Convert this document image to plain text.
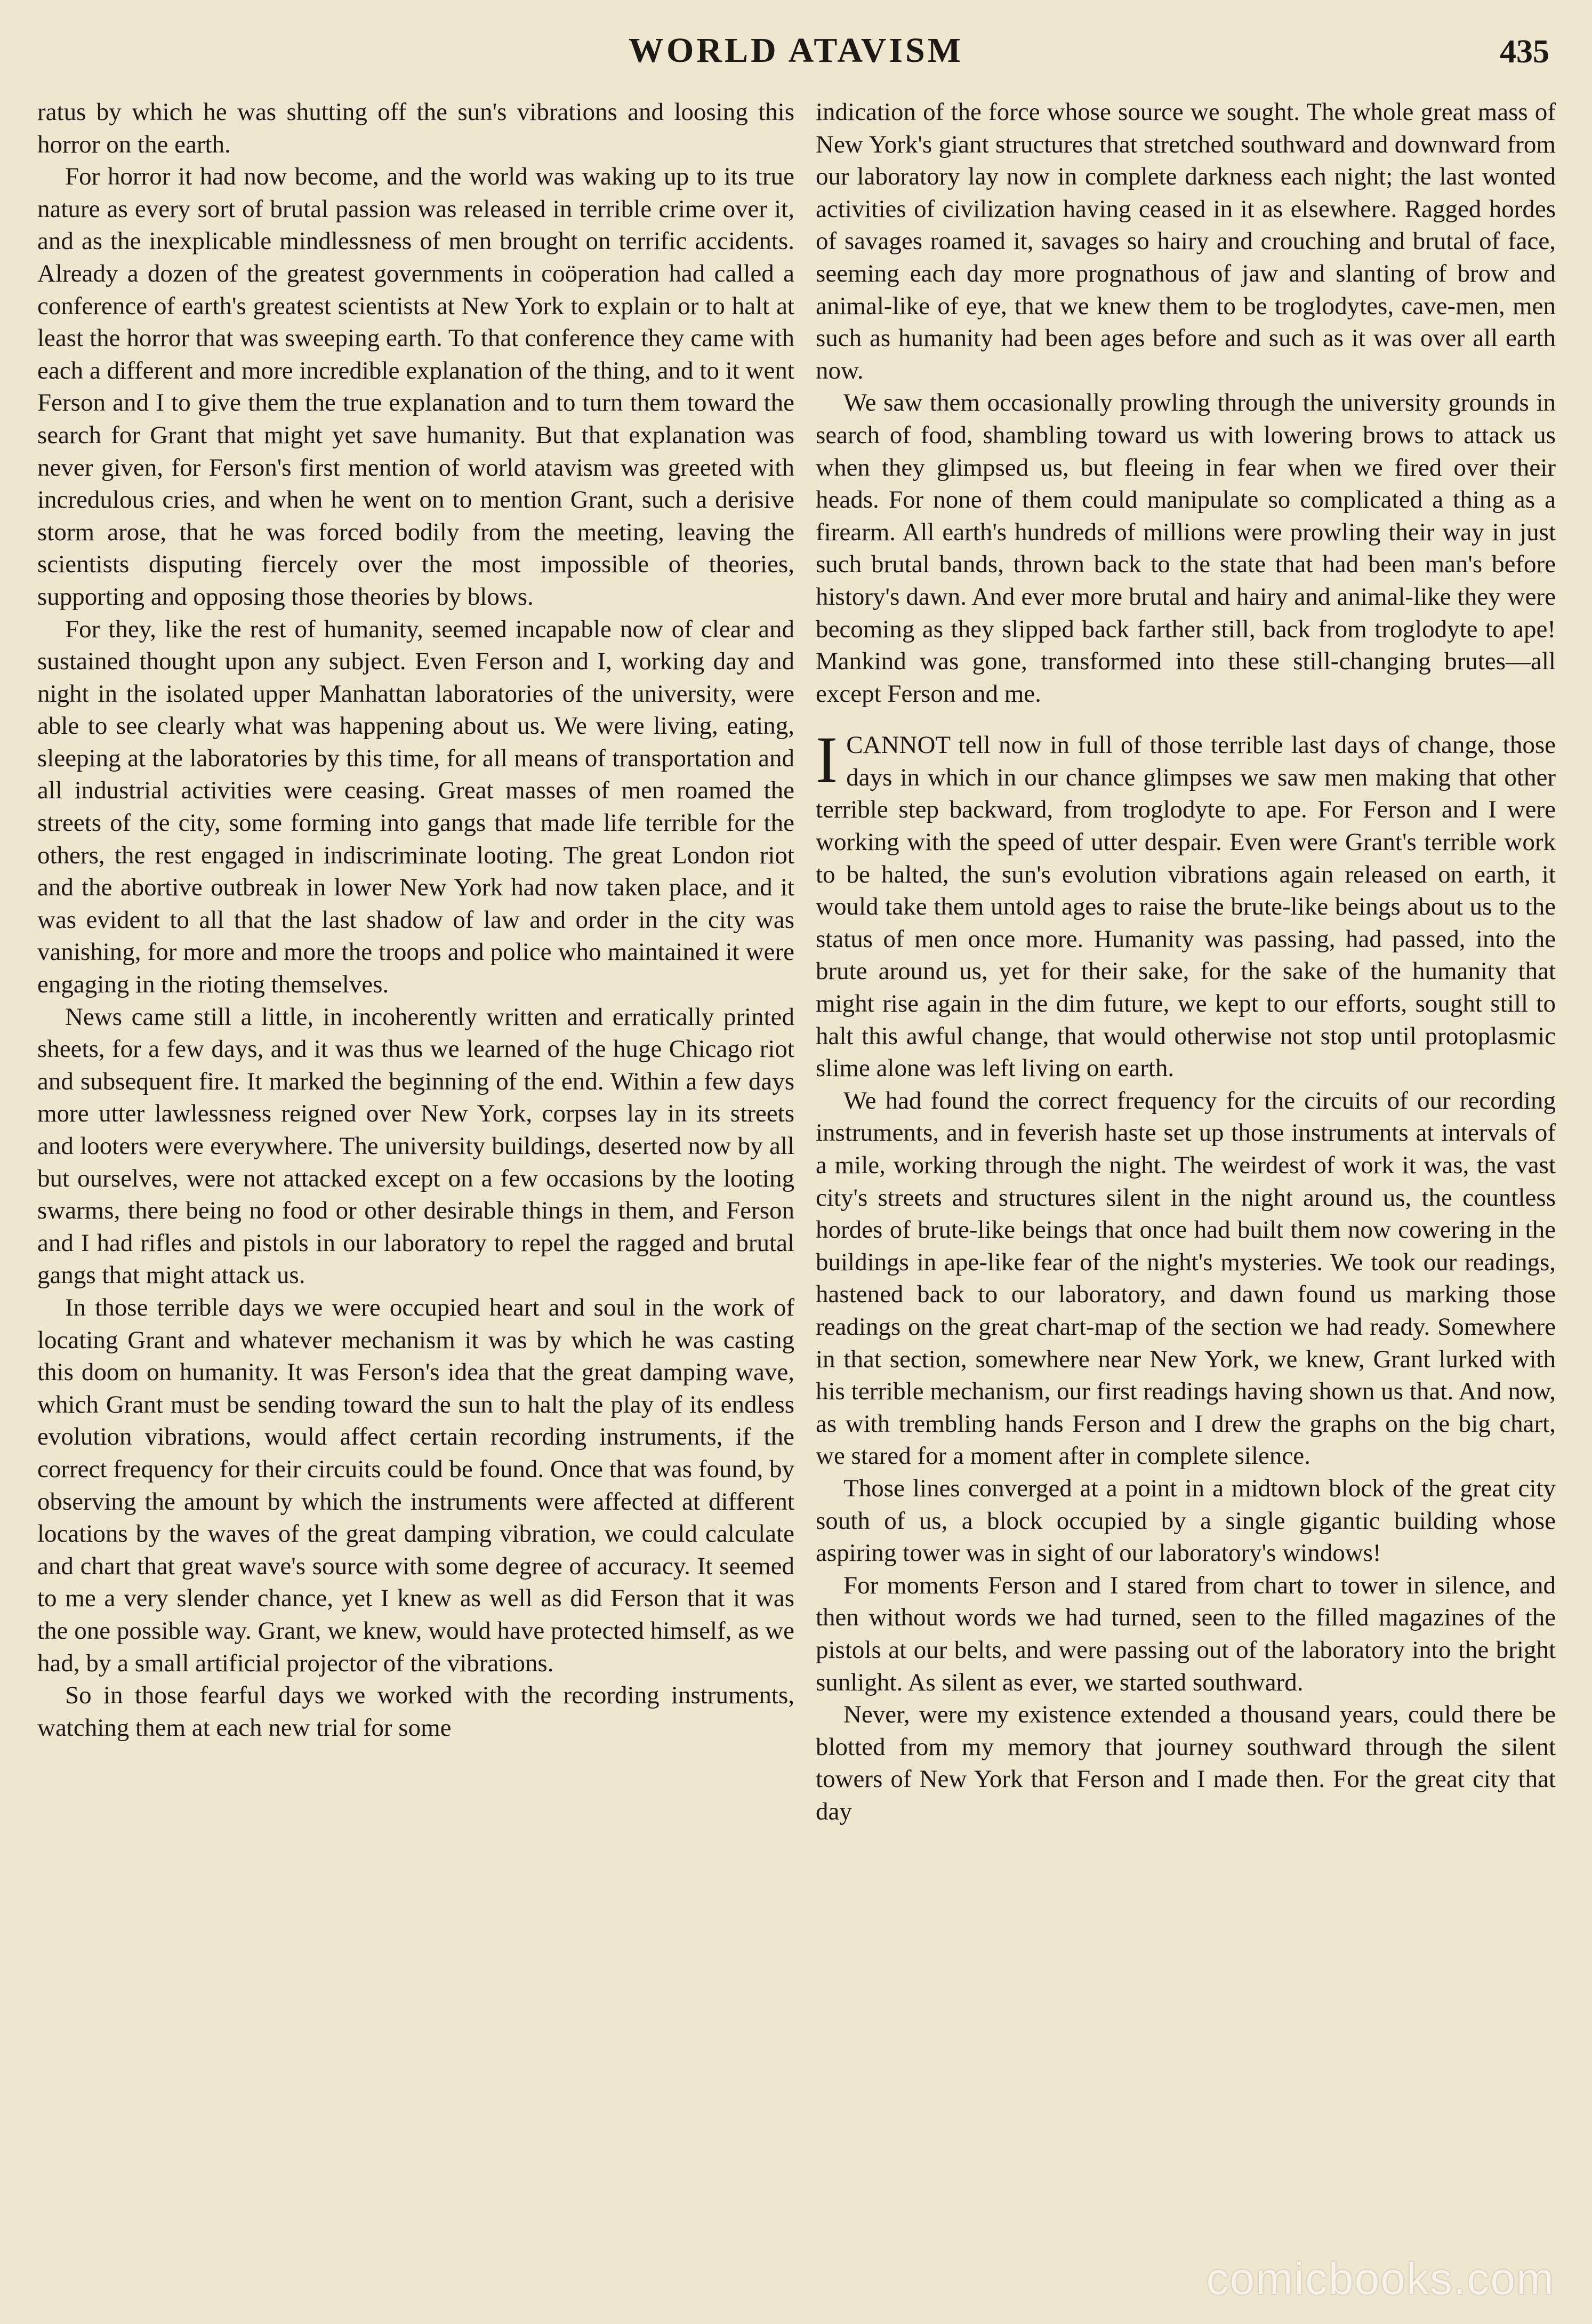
WORLD ATAVISM	435

ratus by which he was shutting off the sun's vibrations and loosing this horror on the earth.

For horror it had now become, and the world was waking up to its true nature as every sort of brutal passion was released in terrible crime over it, and as the inexplicable mindlessness of men brought on terrific accidents. Already a dozen of the greatest governments in coöperation had called a conference of earth's greatest scientists at New York to explain or to halt at least the horror that was sweeping earth. To that conference they came with each a different and more incredible explanation of the thing, and to it went Ferson and I to give them the true explanation and to turn them toward the search for Grant that might yet save humanity. But that explanation was never given, for Ferson's first mention of world atavism was greeted with incredulous cries, and when he went on to mention Grant, such a derisive storm arose, that he was forced bodily from the meeting, leaving the scientists disputing fiercely over the most impossible of theories, supporting and opposing those theories by blows.

For they, like the rest of humanity, seemed incapable now of clear and sustained thought upon any subject. Even Ferson and I, working day and night in the isolated upper Manhattan laboratories of the university, were able to see clearly what was happening about us. We were living, eating, sleeping at the laboratories by this time, for all means of transportation and all industrial activities were ceasing. Great masses of men roamed the streets of the city, some forming into gangs that made life terrible for the others, the rest engaged in indiscriminate looting. The great London riot and the abortive outbreak in lower New York had now taken place, and it was evident to all that the last shadow of law and order in the city was vanishing, for more and more the troops and police who maintained it were engaging in the rioting themselves.

News came still a little, in incoherently written and erratically printed sheets, for a few days, and it was thus we learned of the huge Chicago riot and subsequent fire. It marked the beginning of the end. Within a few days more utter lawlessness reigned over New York, corpses lay in its streets and looters were everywhere. The university buildings, deserted now by all but ourselves, were not attacked except on a few occasions by the looting swarms, there being no food or other desirable things in them, and Ferson and I had rifles and pistols in our laboratory to repel the ragged and brutal gangs that might attack us.

In those terrible days we were occupied heart and soul in the work of locating Grant and whatever mechanism it was by which he was casting this doom on humanity. It was Ferson's idea that the great damping wave, which Grant must be sending toward the sun to halt the play of its endless evolution vibrations, would affect certain recording instruments, if the correct frequency for their circuits could be found. Once that was found, by observing the amount by which the instruments were affected at different locations by the waves of the great damping vibration, we could calculate and chart that great wave's source with some degree of accuracy. It seemed to me a very slender chance, yet I knew as well as did Ferson that it was the one possible way. Grant, we knew, would have protected himself, as we had, by a small artificial projector of the vibrations.

So in those fearful days we worked with the recording instruments, watching them at each new trial for some

indication of the force whose source we sought. The whole great mass of New York's giant structures that stretched southward and downward from our laboratory lay now in complete darkness each night; the last wonted activities of civilization having ceased in it as elsewhere. Ragged hordes of savages roamed it, savages so hairy and crouching and brutal of face, seeming each day more prognathous of jaw and slanting of brow and animal-like of eye, that we knew them to be troglodytes, cave-men, men such as humanity had been ages before and such as it was over all earth now.

We saw them occasionally prowling through the university grounds in search of food, shambling toward us with lowering brows to attack us when they glimpsed us, but fleeing in fear when we fired over their heads. For none of them could manipulate so complicated a thing as a firearm. All earth's hundreds of millions were prowling their way in just such brutal bands, thrown back to the state that had been man's before history's dawn. And ever more brutal and hairy and animal-like they were becoming as they slipped back farther still, back from troglodyte to ape! Mankind was gone, transformed into these still-changing brutes—all except Ferson and me.

I CANNOT tell now in full of those terrible last days of change, those days in which in our chance glimpses we saw men making that other terrible step backward, from troglodyte to ape. For Ferson and I were working with the speed of utter despair. Even were Grant's terrible work to be halted, the sun's evolution vibrations again released on earth, it would take them untold ages to raise the brute-like beings about us to the status of men once more. Humanity was passing, had passed, into the brute around us, yet for their sake, for the sake of the humanity that might rise again in the dim future, we kept to our efforts, sought still to halt this awful change, that would otherwise not stop until protoplasmic slime alone was left living on earth.

We had found the correct frequency for the circuits of our recording instruments, and in feverish haste set up those instruments at intervals of a mile, working through the night. The weirdest of work it was, the vast city's streets and structures silent in the night around us, the countless hordes of brute-like beings that once had built them now cowering in the buildings in ape-like fear of the night's mysteries. We took our readings, hastened back to our laboratory, and dawn found us marking those readings on the great chart-map of the section we had ready. Somewhere in that section, somewhere near New York, we knew, Grant lurked with his terrible mechanism, our first readings having shown us that. And now, as with trembling hands Ferson and I drew the graphs on the big chart, we stared for a moment after in complete silence.

Those lines converged at a point in a midtown block of the great city south of us, a block occupied by a single gigantic building whose aspiring tower was in sight of our laboratory's windows!

For moments Ferson and I stared from chart to tower in silence, and then without words we had turned, seen to the filled magazines of the pistols at our belts, and were passing out of the laboratory into the bright sunlight. As silent as ever, we started southward.

Never, were my existence extended a thousand years, could there be blotted from my memory that journey southward through the silent towers of New York that Ferson and I made then. For the great city that day

comicbooks.com
